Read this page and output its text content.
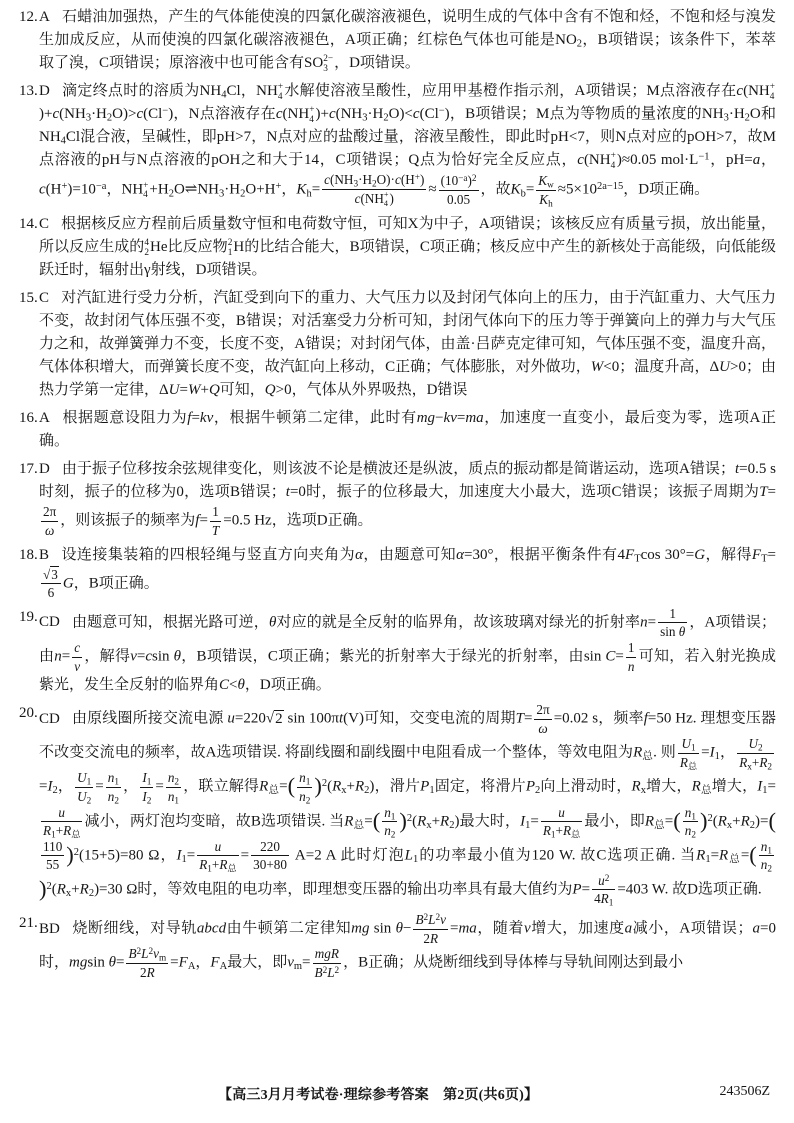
12. A 石蜡油加强热，产生的气体能使溴的四氯化碳溶液褪色，说明生成的气体中含有不饱和烃，不饱和烃与溴发生加成反应，从而使溴的四氯化碳溶液褪色，A项正确；红棕色气体也可能是$NO_2$，B项错误；该条件下，苯萃取了溴，C项错误；原溶液中也可能含有SO 2−
3 ，D项错误。
13. D 滴定终点时的溶质为$NH_4Cl$，NH +
4 水解使溶液呈酸性，应用甲基橙作指示剂，A项错误；M点溶液存在c(NH +
4
)$+c(NH_3\cdot H_2O)>c(Cl^-)$，N点溶液存在c(NH +
4 )$+c(NH_3\cdot H_2O)<c(Cl^-)$，B项错误；M点为等物质的量浓度的$NH_3\cdot H_2O$和$NH_4Cl$混合液，呈碱性，即pH>7，N点对应的盐酸过量，溶液呈酸性，即此时pH<7，则N点对应的pOH>7，故M点溶液的pH与N点溶液的pOH之和大于14，C项错误；Q点为恰好完全反应点，c(NH +
4 )≈0.05 $mol\cdot L^{-1}$，pH=a，$c(H^+)=10^{-a}$，NH +
$4 +H_2O\rightleftharpoons NH_3\cdot H_2O+H^+$，$K_h= c(NH_3\cdot H_2O)\cdot c(H^+)$
c(NH +
4 ) ≈ $\frac{(10^{-a})^2}{0.05}$ ，故$K_b= \frac{K_w}{K_h} \approx 5\times 10^{2a-15}$，D项正确。
14. C 根据核反应方程前后质量数守恒和电荷数守恒，可知X为中子，A项错误；该核反应有质量亏损，放出能量，所以反应生成的 4
2 He比反应物 2
1 H的比结合能大，B项错误，C项正确；核反应中产生的新核处于高能级，向低能级跃迁时，辐射出γ射线，D项错误。
15. C 对汽缸进行受力分析，汽缸受到向下的重力、大气压力以及封闭气体向上的压力，由于汽缸重力、大气压力不变，故封闭气体压强不变，B错误；对活塞受力分析可知，封闭气体向下的压力等于弹簧向上的弹力与大气压力之和，故弹簧弹力不变，长度不变，A错误；对封闭气体，由盖·吕萨克定律可知，气体压强不变，温度升高，气体体积增大，而弹簧长度不变，故汽缸向上移动，C正确；气体膨胀，对外做功，W<0；温度升高，ΔU>0；由热力学第一定律，ΔU=W+Q可知，Q>0，气体从外界吸热，D错误
16. A 根据题意设阻力为f=kv，根据牛顿第二定律，此时有mg−kv=ma，加速度一直变小，最后变为零，选项A正确。
17. D 由于振子位移按余弦规律变化，则该波不论是横波还是纵波，质点的振动都是简谐运动，选项A错误；t=0.5 s时刻，振子的位移为0，选项B错误；t=0时，振子的位移最大，加速度大小最大，选项C错误；该振子周期为T=
$\frac{2\pi}{\omega}$ ，则该振子的频率为$f= \frac{1}{T} =0.5$ Hz，选项D正确。
18. B 设连接集装箱的四根轻绳与竖直方向夹角为α，由题意可知α=30°，根据平衡条件有$4F_T\cos$ 30°=G，解得$F_T=$
$\frac{√3}{6}$ G，B项正确。
19. CD 由题意可知，根据光路可逆，θ对应的就是全反射的临界角，故该玻璃对绿光的折射率$n= \frac{1}{\text{sin θ}}$ ，A项错误；由$n= \frac{c}{v}$ ，解得v=csin θ，B项错误，C项正确；紫光的折射率大于绿光的折射率，由$\sin C= \frac{1}{n}$ 可知，若入射光换成紫光，发生全反射的临界角C<θ，D项正确。
20. CD 由原线圈所接交流电源 u=220√2 sin 100πt(V)可知，交变电流的周期$T= \frac{2\pi}{\omega} =0.02$ s，频率f=50 Hz. 理想变压器不改变交流电的频率，故A选项错误. 将副线圈和副线圈中电阻看成一个整体，等效电阻为$R_总$. 则 $\frac{U_1}{R_总} =I_1$， $\frac{U_2}{R_x+R_2}$
$=I_2$， $\frac{U_1}{U_2} = \frac{n_1}{n_2}$ ， $\frac{I_1}{I_2} = \frac{n_2}{n_1}$ ，联立解得$R_总=( \frac{n_1}{n_2} )^2(R_x+R_2)$，滑片$P_1$固定，将滑片$P_2$向上滑动时，$R_x$增大，$R_总$增大，$I_1=$
$\frac{u}{R_1+R_总}$ 减小，两灯泡均变暗，故B选项错误. 当$R_总=( \frac{n_1}{n_2} )^2(R_x+R_2)$最大时，$I_1= \frac{u}{R_1+R_总}$ 最小，即$R_总=( \frac{n_1}{n_2} )^2(R_x+R_2)=$(
$\frac{110}{55} )^2(15+5)=80$ Ω，$I_1= \frac{u}{R_1+R_总} = \frac{220}{30+80} A=2$ A 此时灯泡$L_1$的功率最小值为120 W. 故C选项正确. 当$R_1=R_总=( \frac{n_1}{n_2}$
)$^2(R_x+R_2)=30$ Ω时，等效电阻的电功率，即理想变压器的输出功率具有最大值约为$P= \frac{u^2}{4R_1} =403$ W. 故D选项正确.
21. BD 烧断细线，对导轨abcd由牛顿第二定律知mg $\sin \theta- \frac{B^2L^2v}{2R} =ma$，随着v增大，加速度a减小，A项错误；a=0时，mgsin $\theta= \frac{B^2L^2v_m}{2R} =F_A$，$F_A$最大，即$v_m= \frac{\text{mgR}}{B^2L^2}$ ，B正确；从烧断细线到导体棒与导轨间刚达到最小
【高三3月月考试卷·理综参考答案　第2页(共6页)】	243506Z
